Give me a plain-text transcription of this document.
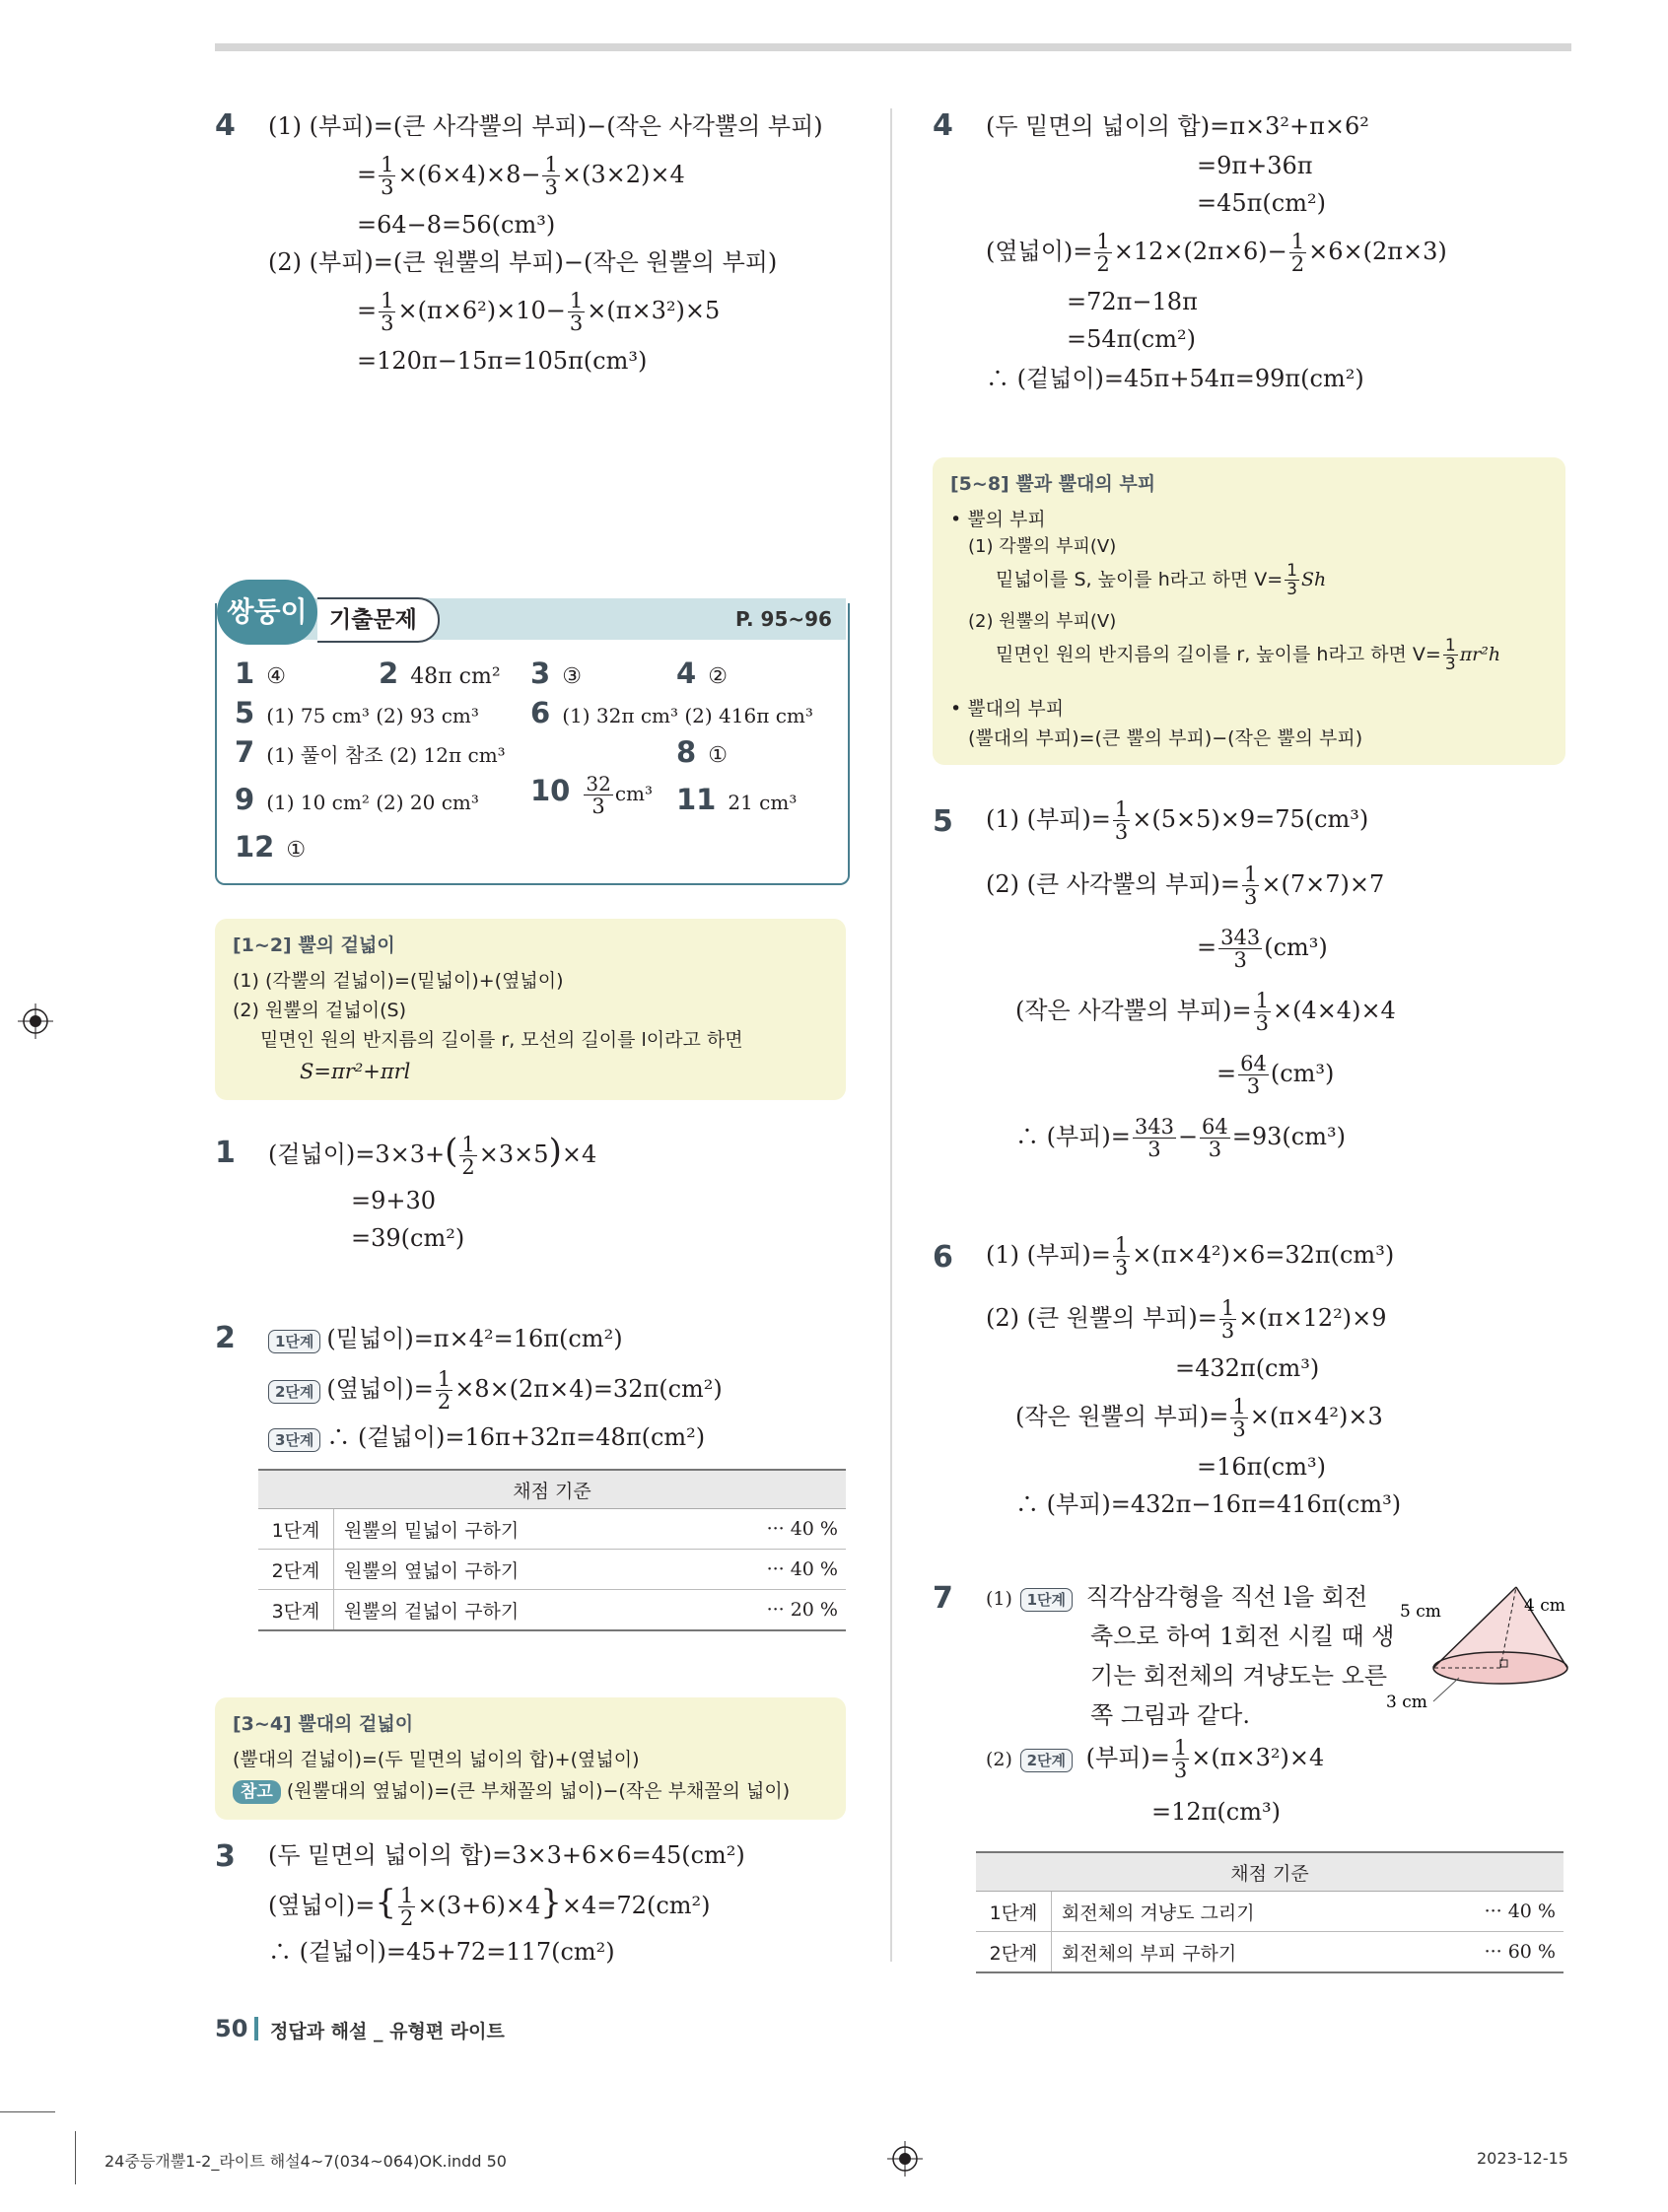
4 (1) (부피)=(큰 사각뿔의 부피)−(작은 사각뿔의 부피)
= $\frac{1}{3} \times(6\times 4)\times 8- \frac{1}{3} \times(3\times 2)\times 4$
=64−8=56(cm³)
(2) (부피)=(큰 원뿔의 부피)−(작은 원뿔의 부피)
= $\frac{1}{3} \times(\pi\times 6^2)\times 10- \frac{1}{3} \times(\pi\times 3^2)\times 5$
=120π−15π=105π(cm³)
쌍둥이 기출문제	P. 95~96
1 ④	2 48π cm² 3 ③	4 ②
5 (1) 75 cm³ (2) 93 cm³ 6 (1) 32π cm³ (2) 416π cm³
7 (1) 풀이 참조 (2) 12π cm³	8 ①
9 (1) 10 cm² (2) 20 cm³ $10 \frac{32}{3} cm^3$ 11 21 cm³
12 ①
[1~2] 뿔의 겉넓이
(1) (각뿔의 겉넓이)=(밑넓이)+(옆넓이)
(2) 원뿔의 겉넓이(S)
밑면인 원의 반지름의 길이를 r, 모선의 길이를 l이라고 하면
S=πr²+πrl
1 (겉넓이)$=3\times 3+( \frac{1}{2} \times 3\times 5)\times 4$
=9+30
=39(cm²)
2	1단계 (밑넓이)=π×4²=16π(cm²)
2단계 (옆넓이)= $\frac{1}{2} \times 8\times(2\pi\times 4)=32\pi(cm^2)$
3단계 ∴ (겉넓이)=16π+32π=48π(cm²)
채점 기준		
1단계	원뿔의 밑넓이 구하기	··· 40 %
2단계	원뿔의 옆넓이 구하기	··· 40 %
3단계	원뿔의 겉넓이 구하기	··· 20 %
[3~4] 뿔대의 겉넓이
(뿔대의 겉넓이)=(두 밑면의 넓이의 합)+(옆넓이)
참고 (원뿔대의 옆넓이)=(큰 부채꼴의 넓이)−(작은 부채꼴의 넓이)
3 (두 밑면의 넓이의 합)=3×3+6×6=45(cm²)
(옆넓이)={ $\frac{1}{2} \times(3+6)\times 4\}\times 4=72(cm^2)$
∴ (겉넓이)=45+72=117(cm²)
4 (두 밑면의 넓이의 합)=π×3²+π×6²
=9π+36π
=45π(cm²)
(옆넓이)= $\frac{1}{2} \times 12\times(2\pi\times 6)- \frac{1}{2} \times 6\times(2\pi\times 3)$
=72π−18π
=54π(cm²)
∴ (겉넓이)=45π+54π=99π(cm²)
[5~8] 뿔과 뿔대의 부피
• 뿔의 부피
(1) 각뿔의 부피(V)
밑넓이를 S, 높이를 h라고 하면 $V= \frac{1}{3}$ Sh
(2) 원뿔의 부피(V)
밑면인 원의 반지름의 길이를 r, 높이를 h라고 하면 $V= \frac{1}{3} \pi r^2h$
• 뿔대의 부피
(뿔대의 부피)=(큰 뿔의 부피)−(작은 뿔의 부피)
5 (1) (부피)= $\frac{1}{3} \times(5\times 5)\times 9=75(cm^3)$
(2) (큰 사각뿔의 부피)= $\frac{1}{3} \times(7\times 7)\times 7$
= $\frac{343}{3} (cm^3)$
(작은 사각뿔의 부피)= $\frac{1}{3} \times(4\times 4)\times 4$
= $\frac{64}{3} (cm^3)$
∴ (부피)= $\frac{343}{3} - \frac{64}{3} =93(cm^3)$
6 (1) (부피)= $\frac{1}{3} \times(\pi\times 4^2)\times 6=32\pi(cm^3)$
(2) (큰 원뿔의 부피)= $\frac{1}{3} \times(\pi\times 12^2)\times 9$
=432π(cm³)
(작은 원뿔의 부피)= $\frac{1}{3} \times(\pi\times 4^2)\times 3$
=16π(cm³)
∴ (부피)=432π−16π=416π(cm³)
7 (1) 1단계 직각삼각형을 직선 l을 회전
축으로 하여 1회전 시킬 때 생
기는 회전체의 겨냥도는 오른
쪽 그림과 같다.
5 cm	4 cm
3 cm
(2) 2단계 (부피)= $\frac{1}{3} \times(\pi\times 3^2)\times 4$
=12π(cm³)
채점 기준		
1단계	회전체의 겨냥도 그리기	··· 40 %
2단계	회전체의 부피 구하기	··· 60 %
50 정답과 해설 _ 유형편 라이트
24중등개뿔1-2_라이트 해설4~7(034~064)OK.indd 50	2023-12-15
